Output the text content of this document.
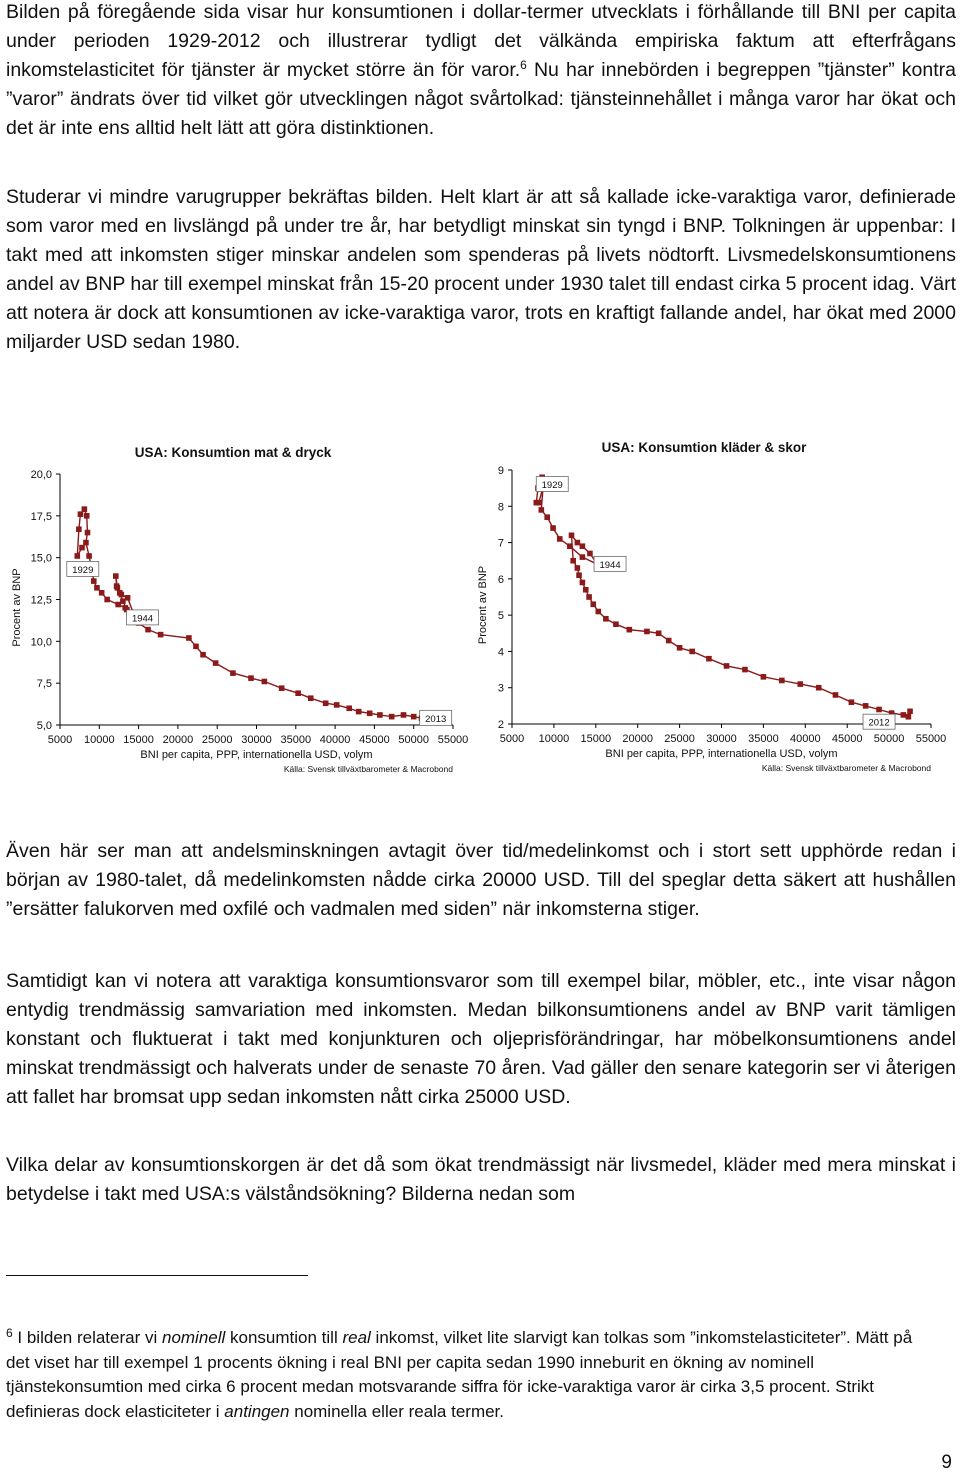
Bilden på föregående sida visar hur konsumtionen i dollar-termer utvecklats i förhållande till BNI per capita under perioden 1929-2012 och illustrerar tydligt det välkända empiriska faktum att efterfrågans inkomstelasticitet för tjänster är mycket större än för varor.$^6$ Nu har innebörden i begreppen ”tjänster” kontra ”varor” ändrats över tid vilket gör utvecklingen något svårtolkad: tjänsteinnehållet i många varor har ökat och det är inte ens alltid helt lätt att göra distinktionen.

Studerar vi mindre varugrupper bekräftas bilden. Helt klart är att så kallade icke-varaktiga varor, definierade som varor med en livslängd på under tre år, har betydligt minskat sin tyngd i BNP. Tolkningen är uppenbar: I takt med att inkomsten stiger minskar andelen som spenderas på livets nödtorft. Livsmedelskonsumtionens andel av BNP har till exempel minskat från 15-20 procent under 1930 talet till endast cirka 5 procent idag. Värt att notera är dock att konsumtionen av icke-varaktiga varor, trots en kraftigt fallande andel, har ökat med 2000 miljarder USD sedan 1980.

USA: Konsumtion mat & dryck
5,0
7,5
10,0
12,5
15,0
17,5
20,0
5000 10000 15000 20000 25000 30000 35000 40000 45000 50000 55000
BNI per capita, PPP, internationella USD, volym
Källa: Svensk tillväxtbarometer & Macrobond
Procent av BNP	1929
1944
2013
USA: Konsumtion kläder & skor
2
3
4
5
6
7
8
9
5000 10000 15000 20000 25000 30000 35000 40000 45000 50000 55000
BNI per capita, PPP, internationella USD, volym
Källa: Svensk tillväxtbarometer & Macrobond
Procent av BNP
1929
1944
2012

Även här ser man att andelsminskningen avtagit över tid/medelinkomst och i stort sett upphörde redan i början av 1980-talet, då medelinkomsten nådde cirka 20000 USD. Till del speglar detta säkert att hushållen ”ersätter falukorven med oxfilé och vadmalen med siden” när inkomsterna stiger.

Samtidigt kan vi notera att varaktiga konsumtionsvaror som till exempel bilar, möbler, etc., inte visar någon entydig trendmässig samvariation med inkomsten. Medan bilkonsumtionens andel av BNP varit tämligen konstant och fluktuerat i takt med konjunkturen och oljeprisförändringar, har möbelkonsumtionens andel minskat trendmässigt och halverats under de senaste 70 åren. Vad gäller den senare kategorin ser vi återigen att fallet har bromsat upp sedan inkomsten nått cirka 25000 USD.

Vilka delar av konsumtionskorgen är det då som ökat trendmässigt när livsmedel, kläder med mera minskat i betydelse i takt med USA:s välståndsökning? Bilderna nedan som

$^6$ I bilden relaterar vi nominell konsumtion till real inkomst, vilket lite slarvigt kan tolkas som ”inkomstelasticiteter”. Mätt på det viset har till exempel 1 procents ökning i real BNI per capita sedan 1990 inneburit en ökning av nominell tjänstekonsumtion med cirka 6 procent medan motsvarande siffra för icke-varaktiga varor är cirka 3,5 procent. Strikt definieras dock elasticiteter i antingen nominella eller reala termer.

9
